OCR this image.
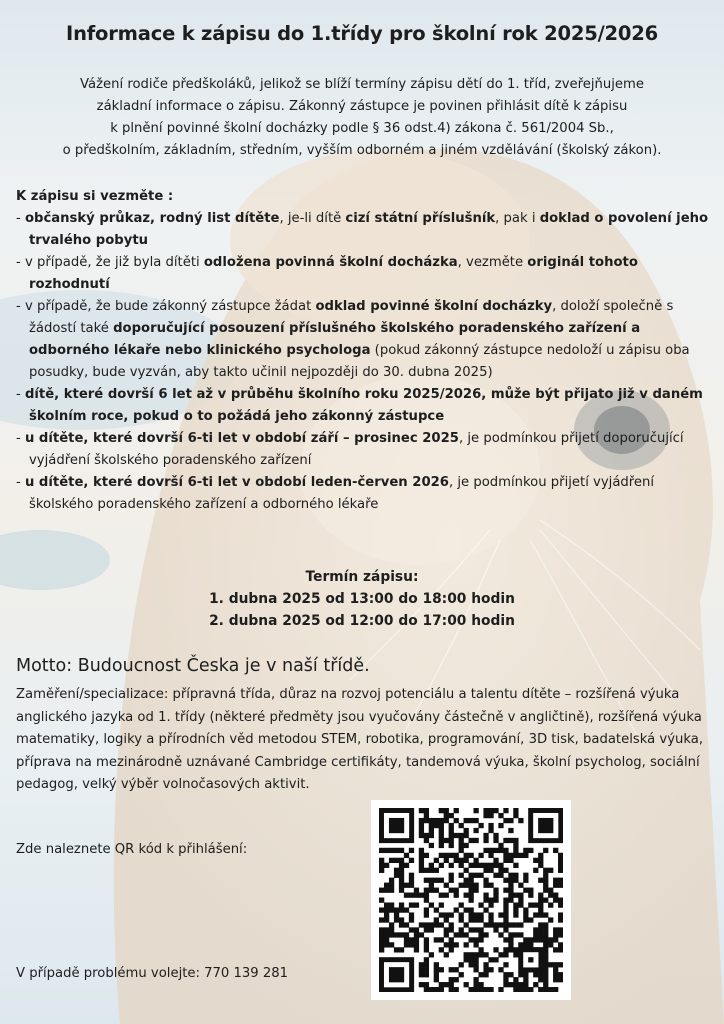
Informace k zápisu do 1.třídy pro školní rok 2025/2026

Vážení rodiče předškoláků, jelikož se blíží termíny zápisu dětí do 1. tříd, zveřejňujeme
základní informace o zápisu. Zákonný zástupce je povinen přihlásit dítě k zápisu
k plnění povinné školní docházky podle § 36 odst.4) zákona č. 561/2004 Sb.,
o předškolním, základním, středním, vyšším odborném a jiném vzdělávání (školský zákon).

K zápisu si vezměte :
- občanský průkaz, rodný list dítěte, je-li dítě cizí státní příslušník, pak i doklad o povolení jeho trvalého pobytu
- v případě, že již byla dítěti odložena povinná školní docházka, vezměte originál tohoto rozhodnutí
- v případě, že bude zákonný zástupce žádat odklad povinné školní docházky, doloží společně s žádostí také doporučující posouzení příslušného školského poradenského zařízení a odborného lékaře nebo klinického psychologa (pokud zákonný zástupce nedoloží u zápisu oba posudky, bude vyzván, aby takto učinil nejpozději do 30. dubna 2025)
- dítě, které dovrší 6 let až v průběhu školního roku 2025/2026, může být přijato již v daném školním roce, pokud o to požádá jeho zákonný zástupce
- u dítěte, které dovrší 6-ti let v období září – prosinec 2025, je podmínkou přijetí doporučující vyjádření školského poradenského zařízení
- u dítěte, které dovrší 6-ti let v období leden-červen 2026, je podmínkou přijetí vyjádření školského poradenského zařízení a odborného lékaře
Termín zápisu:
1. dubna 2025 od 13:00 do 18:00 hodin
2. dubna 2025 od 12:00 do 17:00 hodin
Motto: Budoucnost Česka je v naší třídě.
Zaměření/specializace: přípravná třída, důraz na rozvoj potenciálu a talentu dítěte – rozšířená výuka anglického jazyka od 1. třídy (některé předměty jsou vyučovány částečně v angličtině), rozšířená výuka matematiky, logiky a přírodních věd metodou STEM, robotika, programování, 3D tisk, badatelská výuka, příprava na mezinárodně uznávané Cambridge certifikáty, tandemová výuka, školní psycholog, sociální pedagog, velký výběr volnočasových aktivit.
Zde naleznete QR kód k přihlášení:
V případě problému volejte: 770 139 281
